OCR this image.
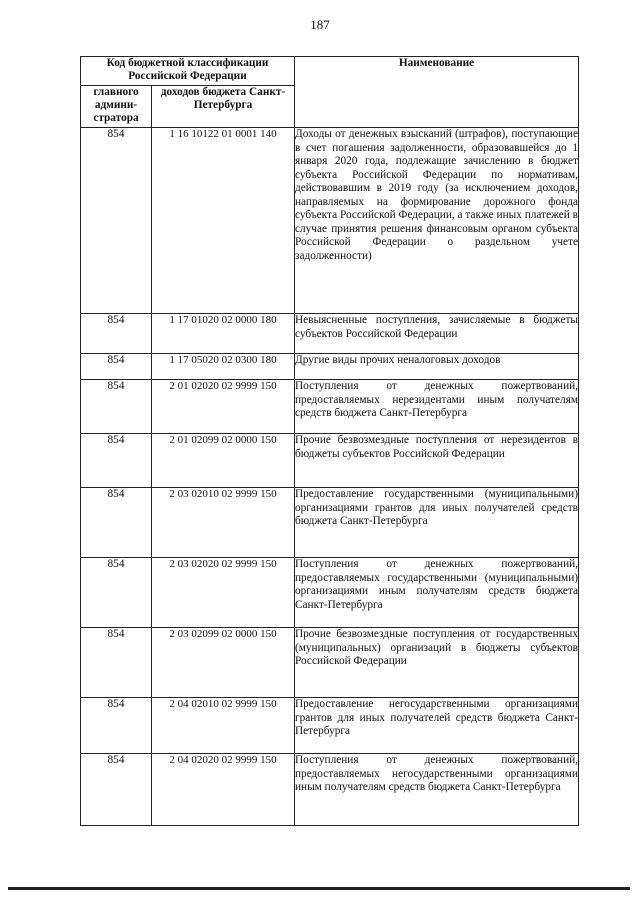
187
Код бюджетной классификации Российской Федерации		Наименование
главного админи-стратора	доходов бюджета Санкт-Петербурга	
854	1 16 10122 01 0001 140	Доходы от денежных взысканий (штрафов), поступающие в счет погашения задолженности, образовавшейся до 1 января 2020 года, подлежащие зачислению в бюджет субъекта Российской Федерации по нормативам, действовавшим в 2019 году (за исключением доходов, направляемых на формирование дорожного фонда субъекта Российской Федерации, а также иных платежей в случае принятия решения финансовым органом субъекта Российской Федерации о раздельном учете задолженности)
854	1 17 01020 02 0000 180	Невыясненные поступления, зачисляемые в бюджеты субъектов Российской Федерации
854	1 17 05020 02 0300 180	Другие виды прочих неналоговых доходов
854	2 01 02020 02 9999 150	Поступления от денежных пожертвований, предоставляемых нерезидентами иным получателям средств бюджета Санкт-Петербурга
854	2 01 02099 02 0000 150	Прочие безвозмездные поступления от нерезидентов в бюджеты субъектов Российской Федерации
854	2 03 02010 02 9999 150	Предоставление государственными (муниципальными) организациями грантов для иных получателей средств бюджета Санкт-Петербурга
854	2 03 02020 02 9999 150	Поступления от денежных пожертвований, предоставляемых государственными (муниципальными) организациями иным получателям средств бюджета Санкт-Петербурга
854	2 03 02099 02 0000 150	Прочие безвозмездные поступления от государственных (муниципальных) организаций в бюджеты субъектов Российской Федерации
854	2 04 02010 02 9999 150	Предоставление негосударственными организациями грантов для иных получателей средств бюджета Санкт-Петербурга
854	2 04 02020 02 9999 150	Поступления от денежных пожертвований, предоставляемых негосударственными организациями иным получателям средств бюджета Санкт-Петербурга
